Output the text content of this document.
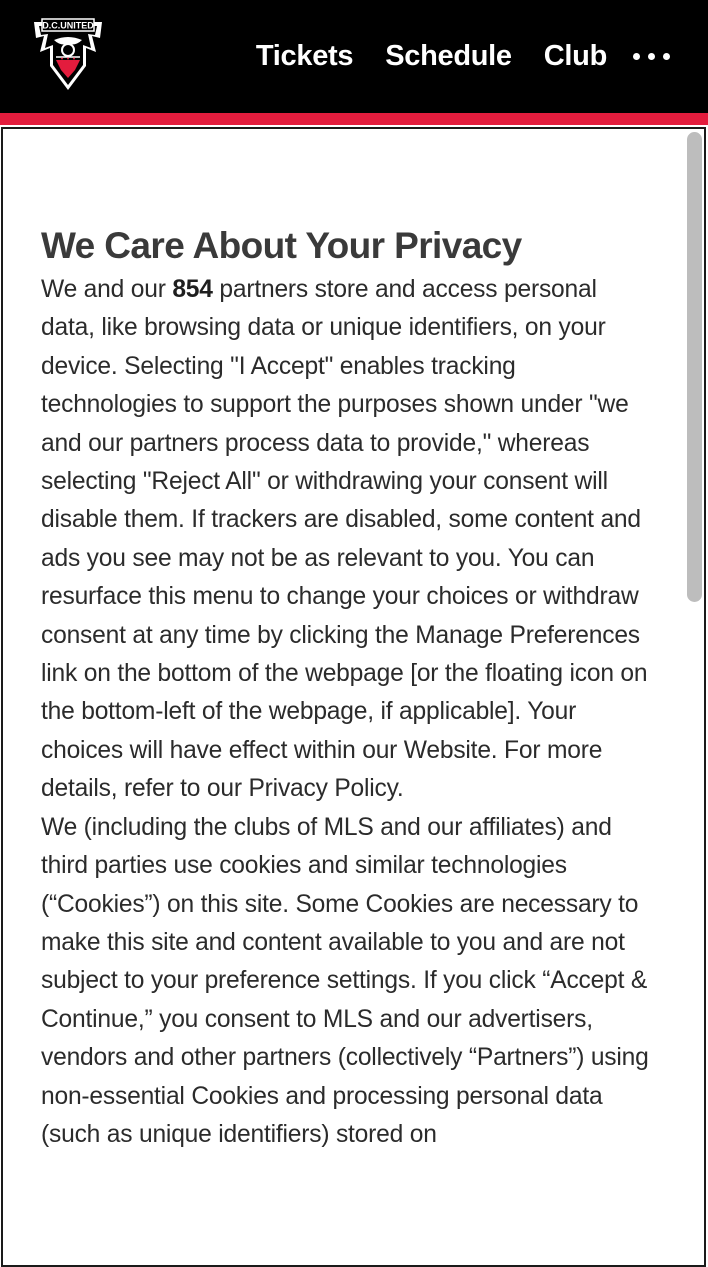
D.C.UNITED
Tickets Schedule Club
We Care About Your Privacy

We and our 854 partners store and access personal data, like browsing data or unique identifiers, on your device. Selecting "I Accept" enables tracking technologies to support the purposes shown under "we and our partners process data to provide," whereas selecting "Reject All" or withdrawing your consent will disable them. If trackers are disabled, some content and ads you see may not be as relevant to you. You can resurface this menu to change your choices or withdraw consent at any time by clicking the Manage Preferences link on the bottom of the webpage [or the floating icon on the bottom-left of the webpage, if applicable]. Your choices will have effect within our Website. For more details, refer to our Privacy Policy.

We (including the clubs of MLS and our affiliates) and third parties use cookies and similar technologies (“Cookies”) on this site. Some Cookies are necessary to make this site and content available to you and are not subject to your preference settings. If you click “Accept & Continue,” you consent to MLS and our advertisers, vendors and other partners (collectively “Partners”) using non-essential Cookies and processing personal data (such as unique identifiers) stored on
